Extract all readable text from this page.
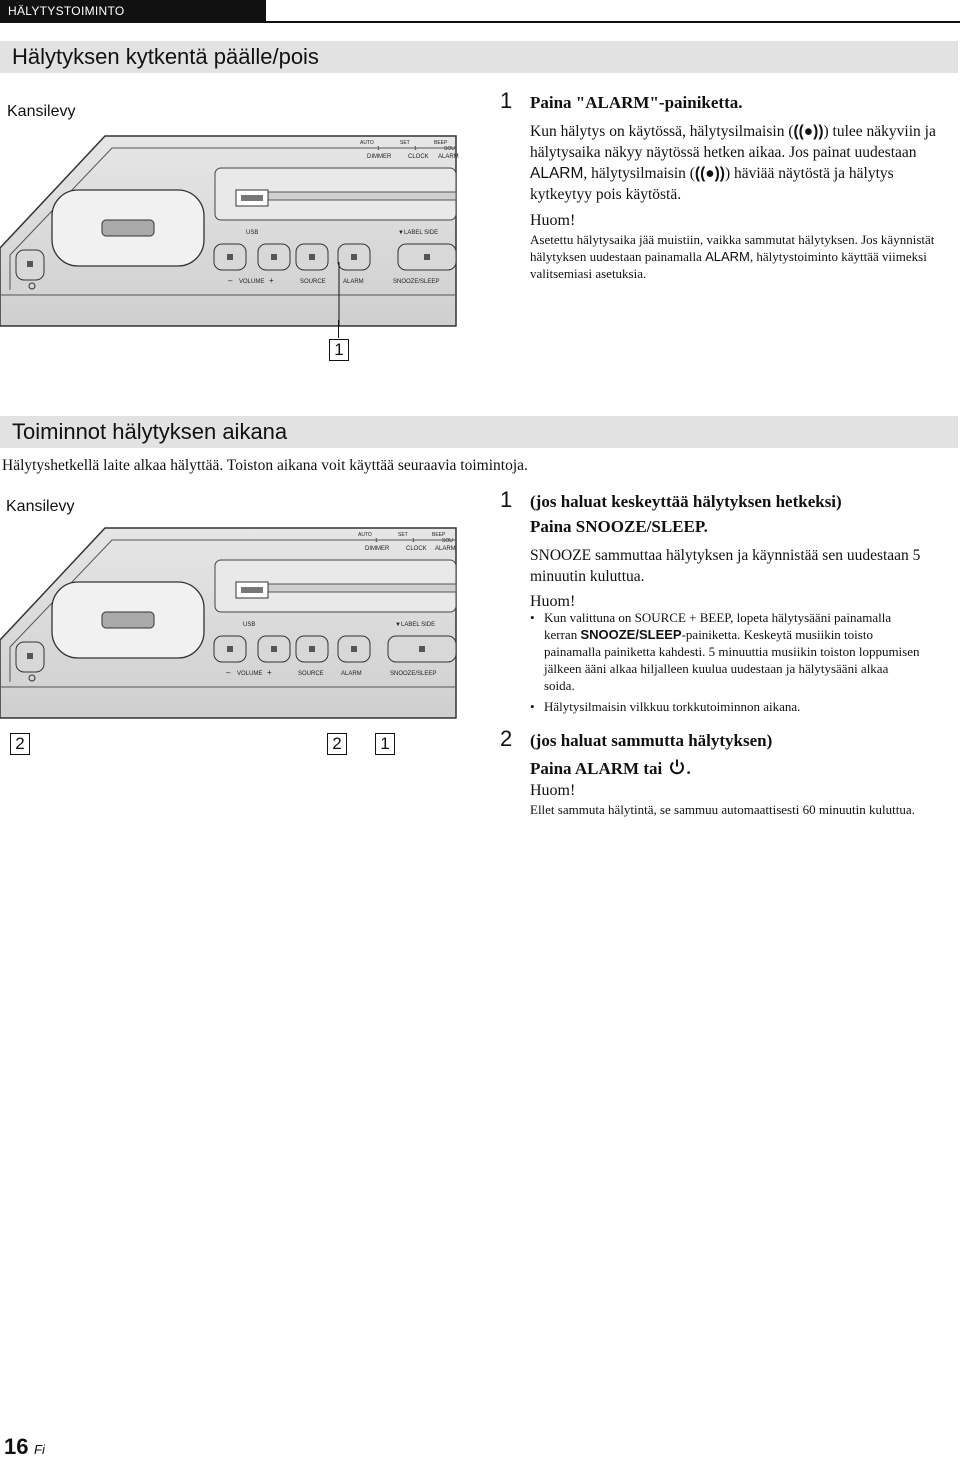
HÄLYTYSTOIMINTO
Hälytyksen kytkentä päälle/pois
Kansilevy
AUTO	SET	BEEP
SOU
1	1
DIMMER	CLOCK ALARM
USB	▼ LABEL SIDE
– VOLUME +	SOURCE	ALARM	SNOOZE/SLEEP
1
1 Paina "ALARM"-painiketta.
Kun hälytys on käytössä, hälytysilmaisin (((●))) tulee näkyviin ja hälytysaika näkyy näytössä hetken aikaa. Jos painat uudestaan ALARM, hälytysilmaisin (((●))) häviää näytöstä ja hälytys kytkeytyy pois käytöstä.
Huom!
Asetettu hälytysaika jää muistiin, vaikka sammutat hälytyksen. Jos käynnistät hälytyksen uudestaan painamalla ALARM, hälytystoiminto käyttää viimeksi valitsemiasi asetuksia.
Toiminnot hälytyksen aikana
Hälytyshetkellä laite alkaa hälyttää. Toiston aikana voit käyttää seuraavia toimintoja.
Kansilevy
AUTO	SET	BEEP
SOU
1	1
DIMMER	CLOCK ALARM
USB	▼ LABEL SIDE
– VOLUME +	SOURCE	ALARM	SNOOZE/SLEEP
2	2	1
1 (jos haluat keskeyttää hälytyksen hetkeksi)
Paina SNOOZE/SLEEP.
SNOOZE sammuttaa hälytyksen ja käynnistää sen uudestaan 5 minuutin kuluttua.
Huom!
• Kun valittuna on SOURCE + BEEP, lopeta hälytysääni painamalla kerran SNOOZE/SLEEP-painiketta. Keskeytä musiikin toisto painamalla painiketta kahdesti. 5 minuuttia musiikin toiston loppumisen jälkeen ääni alkaa hiljalleen kuulua uudestaan ja hälytysääni alkaa soida.
• Hälytysilmaisin vilkkuu torkkutoiminnon aikana.
2 (jos haluat sammutta hälytyksen)
Paina ALARM tai .
Huom!
Ellet sammuta hälytintä, se sammuu automaattisesti 60 minuutin kuluttua.
16 Fi
